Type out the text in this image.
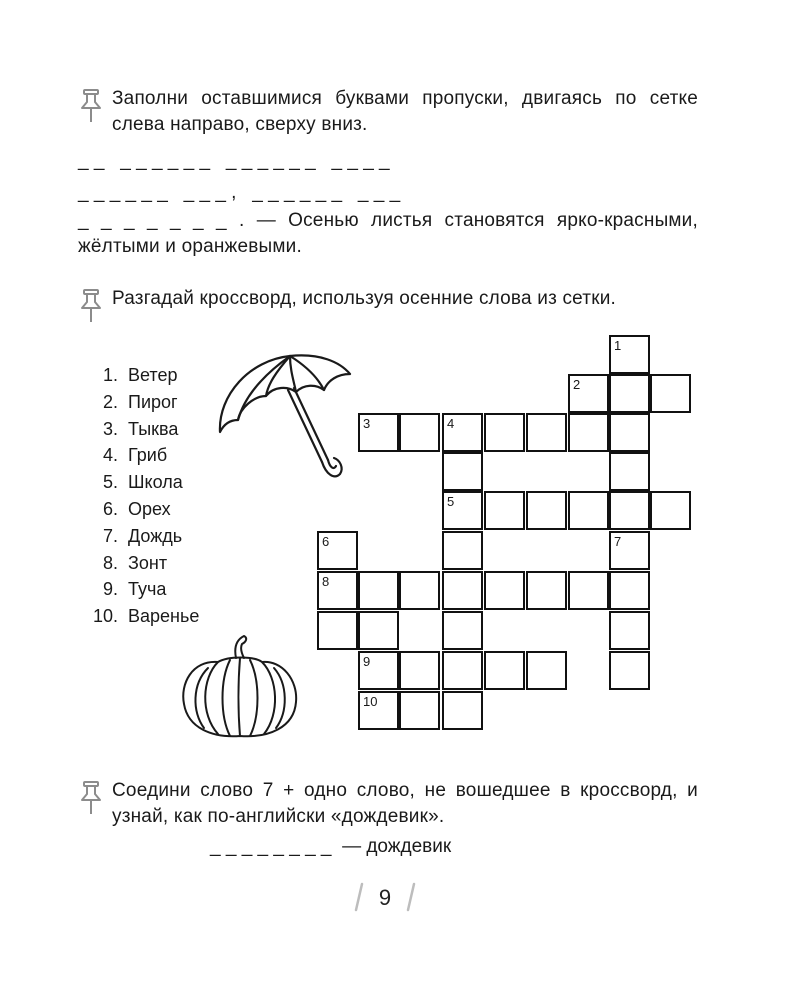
Заполни оставшимися буквами пропуски, двигаясь по сетке слева направо, сверху вниз.

_ _   _ _ _ _ _ _   _ _ _ _ _ _   _ _ _ _
_ _ _ _ _ _   _ _ _ ,   _ _ _ _ _ _   _ _ _

_ _ _ _ _ _ _ . — Осенью листья становятся ярко-красными, жёлтыми и оранжевыми.

Разгадай кроссворд, используя осенние слова из сетки.

1. Ветер
2. Пирог
3. Тыква
4. Гриб
5. Школа
6. Орех
7. Дождь
8. Зонт
9. Туча
10. Варенье
1
2
3	4
5
6
8
7
9
10

Соедини слово 7 + одно слово, не вошедшее в кроссворд, и узнай, как по-английски «дождевик».

_ _ _ _ _ _ _ _ — дождевик
9
